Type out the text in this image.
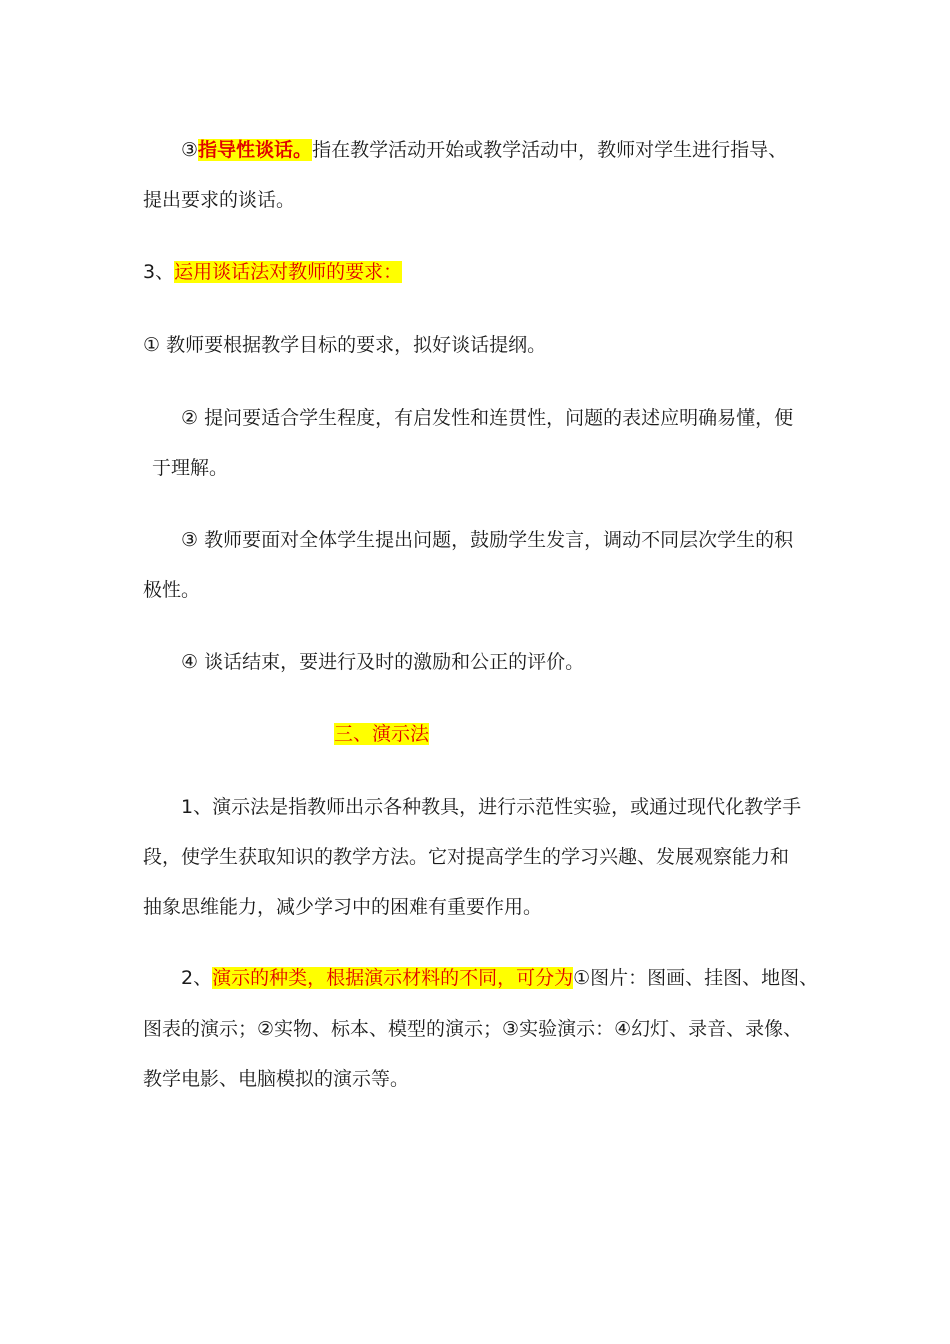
③指导性谈话。指在教学活动开始或教学活动中，教师对学生进行指导、
提出要求的谈话。
3、运用谈话法对教师的要求：
① 教师要根据教学目标的要求，拟好谈话提纲。
② 提问要适合学生程度，有启发性和连贯性，问题的表述应明确易懂，便
于理解。
③ 教师要面对全体学生提出问题，鼓励学生发言，调动不同层次学生的积
极性。
④ 谈话结束，要进行及时的激励和公正的评价。
三、演示法
1、演示法是指教师出示各种教具，进行示范性实验，或通过现代化教学手
段，使学生获取知识的教学方法。它对提高学生的学习兴趣、发展观察能力和
抽象思维能力，减少学习中的困难有重要作用。
2、演示的种类，根据演示材料的不同，可分为①图片：图画、挂图、地图、
图表的演示；②实物、标本、模型的演示；③实验演示：④幻灯、录音、录像、
教学电影、电脑模拟的演示等。
